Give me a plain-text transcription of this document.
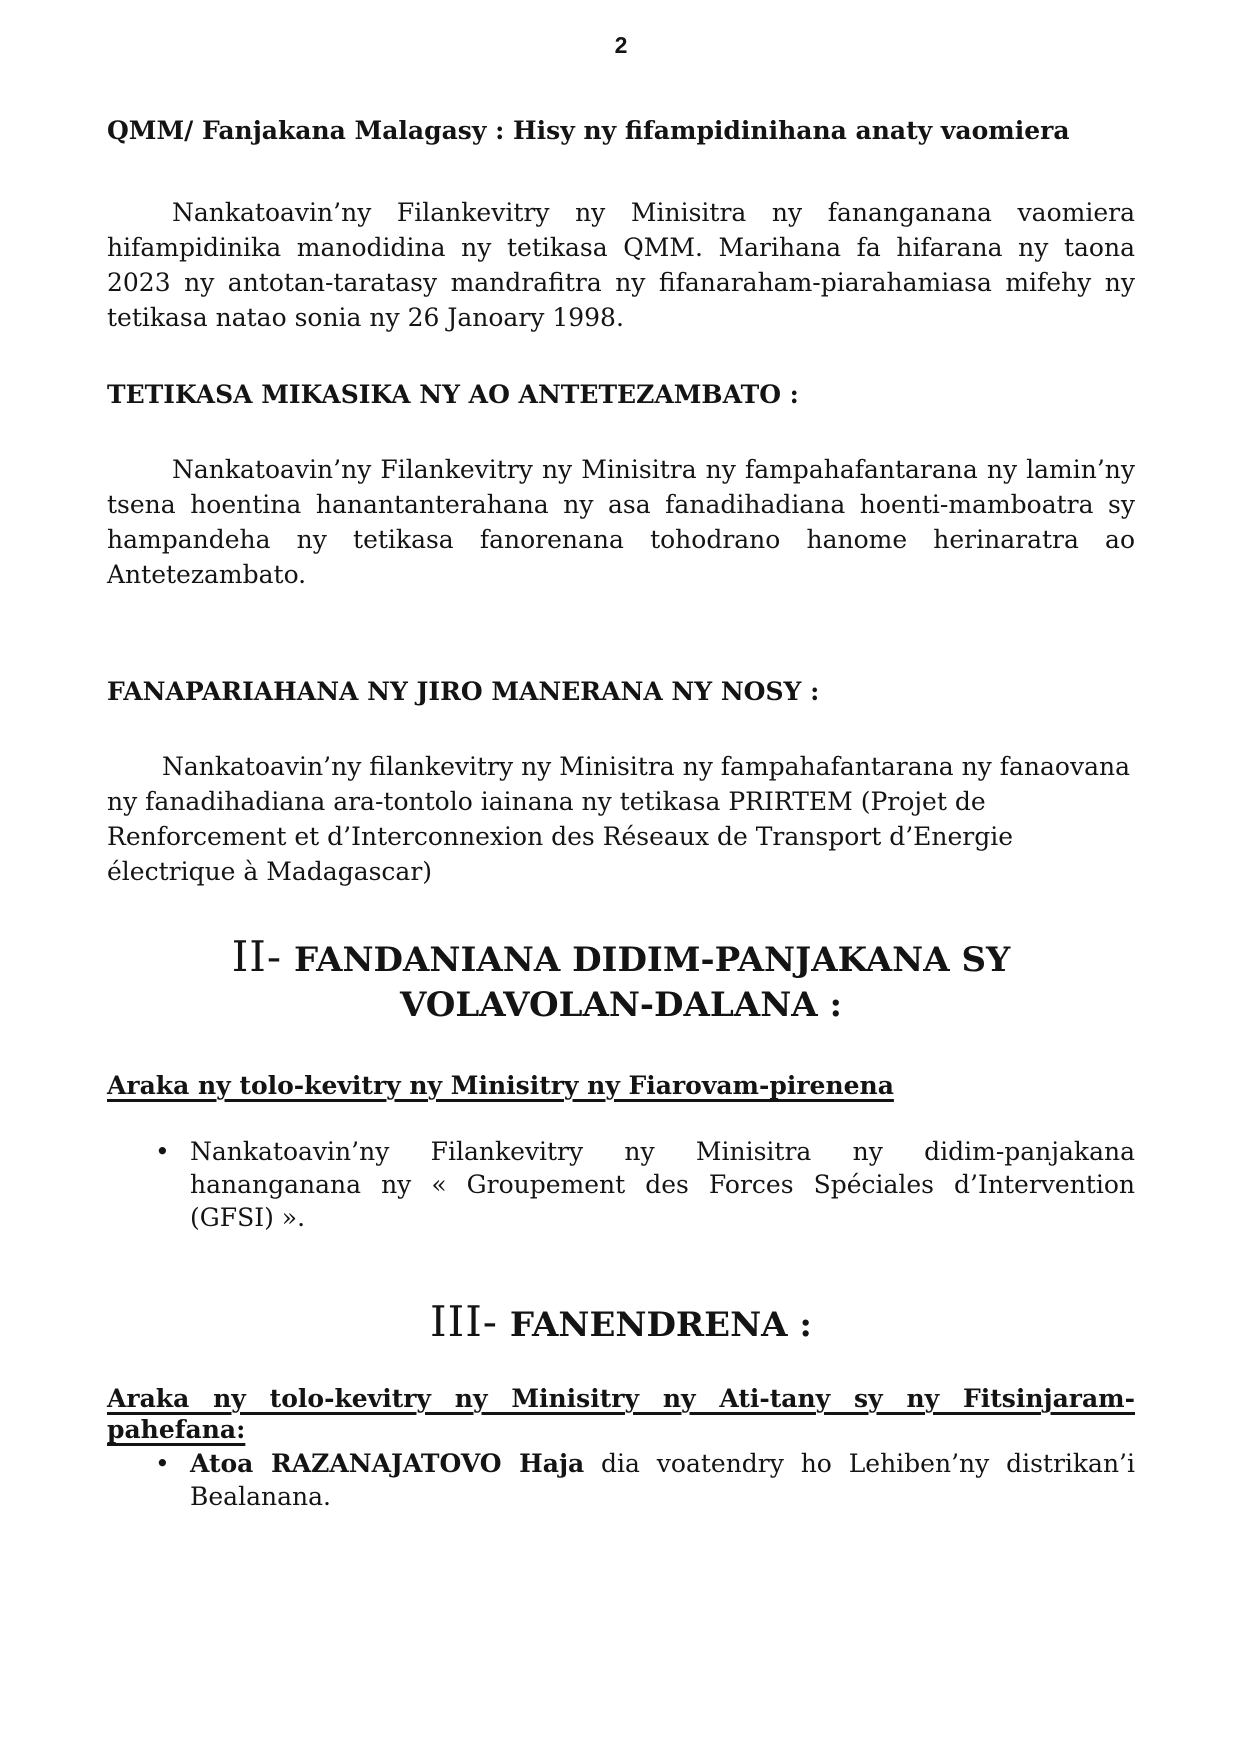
2
QMM/ Fanjakana Malagasy : Hisy ny fifampidinihana anaty vaomiera

Nankatoavin’ny Filankevitry ny Minisitra ny fananganana vaomiera hifampidinika manodidina ny tetikasa QMM. Marihana fa hifarana ny taona 2023 ny antotan-taratasy mandrafitra ny fifanaraham-piarahamiasa mifehy ny tetikasa natao sonia ny 26 Janoary 1998.

TETIKASA MIKASIKA NY AO ANTETEZAMBATO :

Nankatoavin’ny Filankevitry ny Minisitra ny fampahafantarana ny lamin’ny tsena hoentina hanantanterahana ny asa fanadihadiana hoenti-mamboatra sy hampandeha ny tetikasa fanorenana tohodrano hanome herinaratra ao Antetezambato.

FANAPARIAHANA NY JIRO MANERANA NY NOSY :

Nankatoavin’ny filankevitry ny Minisitra ny fampahafantarana ny fanaovana ny fanadihadiana ara-tontolo iainana ny tetikasa PRIRTEM (Projet de Renforcement et d’Interconnexion des Réseaux de Transport d’Energie électrique à Madagascar)

II- FANDANIANA DIDIM-PANJAKANA SY
VOLAVOLAN-DALANA :
Araka ny tolo-kevitry ny Minisitry ny Fiarovam-pirenena
• Nankatoavin’ny Filankevitry ny Minisitra ny didim-panjakana hananganana ny « Groupement des Forces Spéciales d’Intervention (GFSI) ».
III- FANENDRENA :
Araka ny tolo-kevitry ny Minisitry ny Ati-tany sy ny Fitsinjaram-pahefana:
• Atoa RAZANAJATOVO Haja dia voatendry ho Lehiben’ny distrikan’i Bealanana.
